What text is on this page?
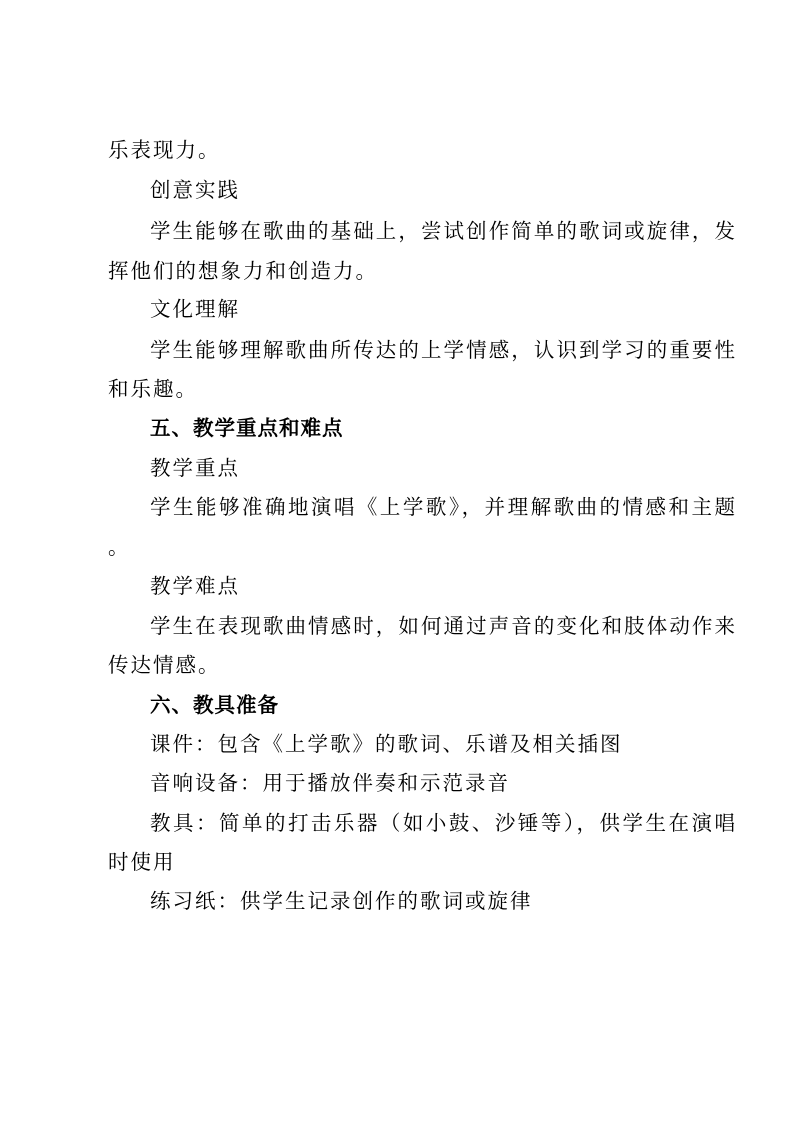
乐表现力。
创意实践
学生能够在歌曲的基础上，尝试创作简单的歌词或旋律，发
挥他们的想象力和创造力。
文化理解
学生能够理解歌曲所传达的上学情感，认识到学习的重要性
和乐趣。
五、教学重点和难点
教学重点
学生能够准确地演唱《上学歌》，并理解歌曲的情感和主题
。
教学难点
学生在表现歌曲情感时，如何通过声音的变化和肢体动作来
传达情感。
六、教具准备
课件：包含《上学歌》的歌词、乐谱及相关插图
音响设备：用于播放伴奏和示范录音
教具：简单的打击乐器（如小鼓、沙锤等），供学生在演唱
时使用
练习纸：供学生记录创作的歌词或旋律
